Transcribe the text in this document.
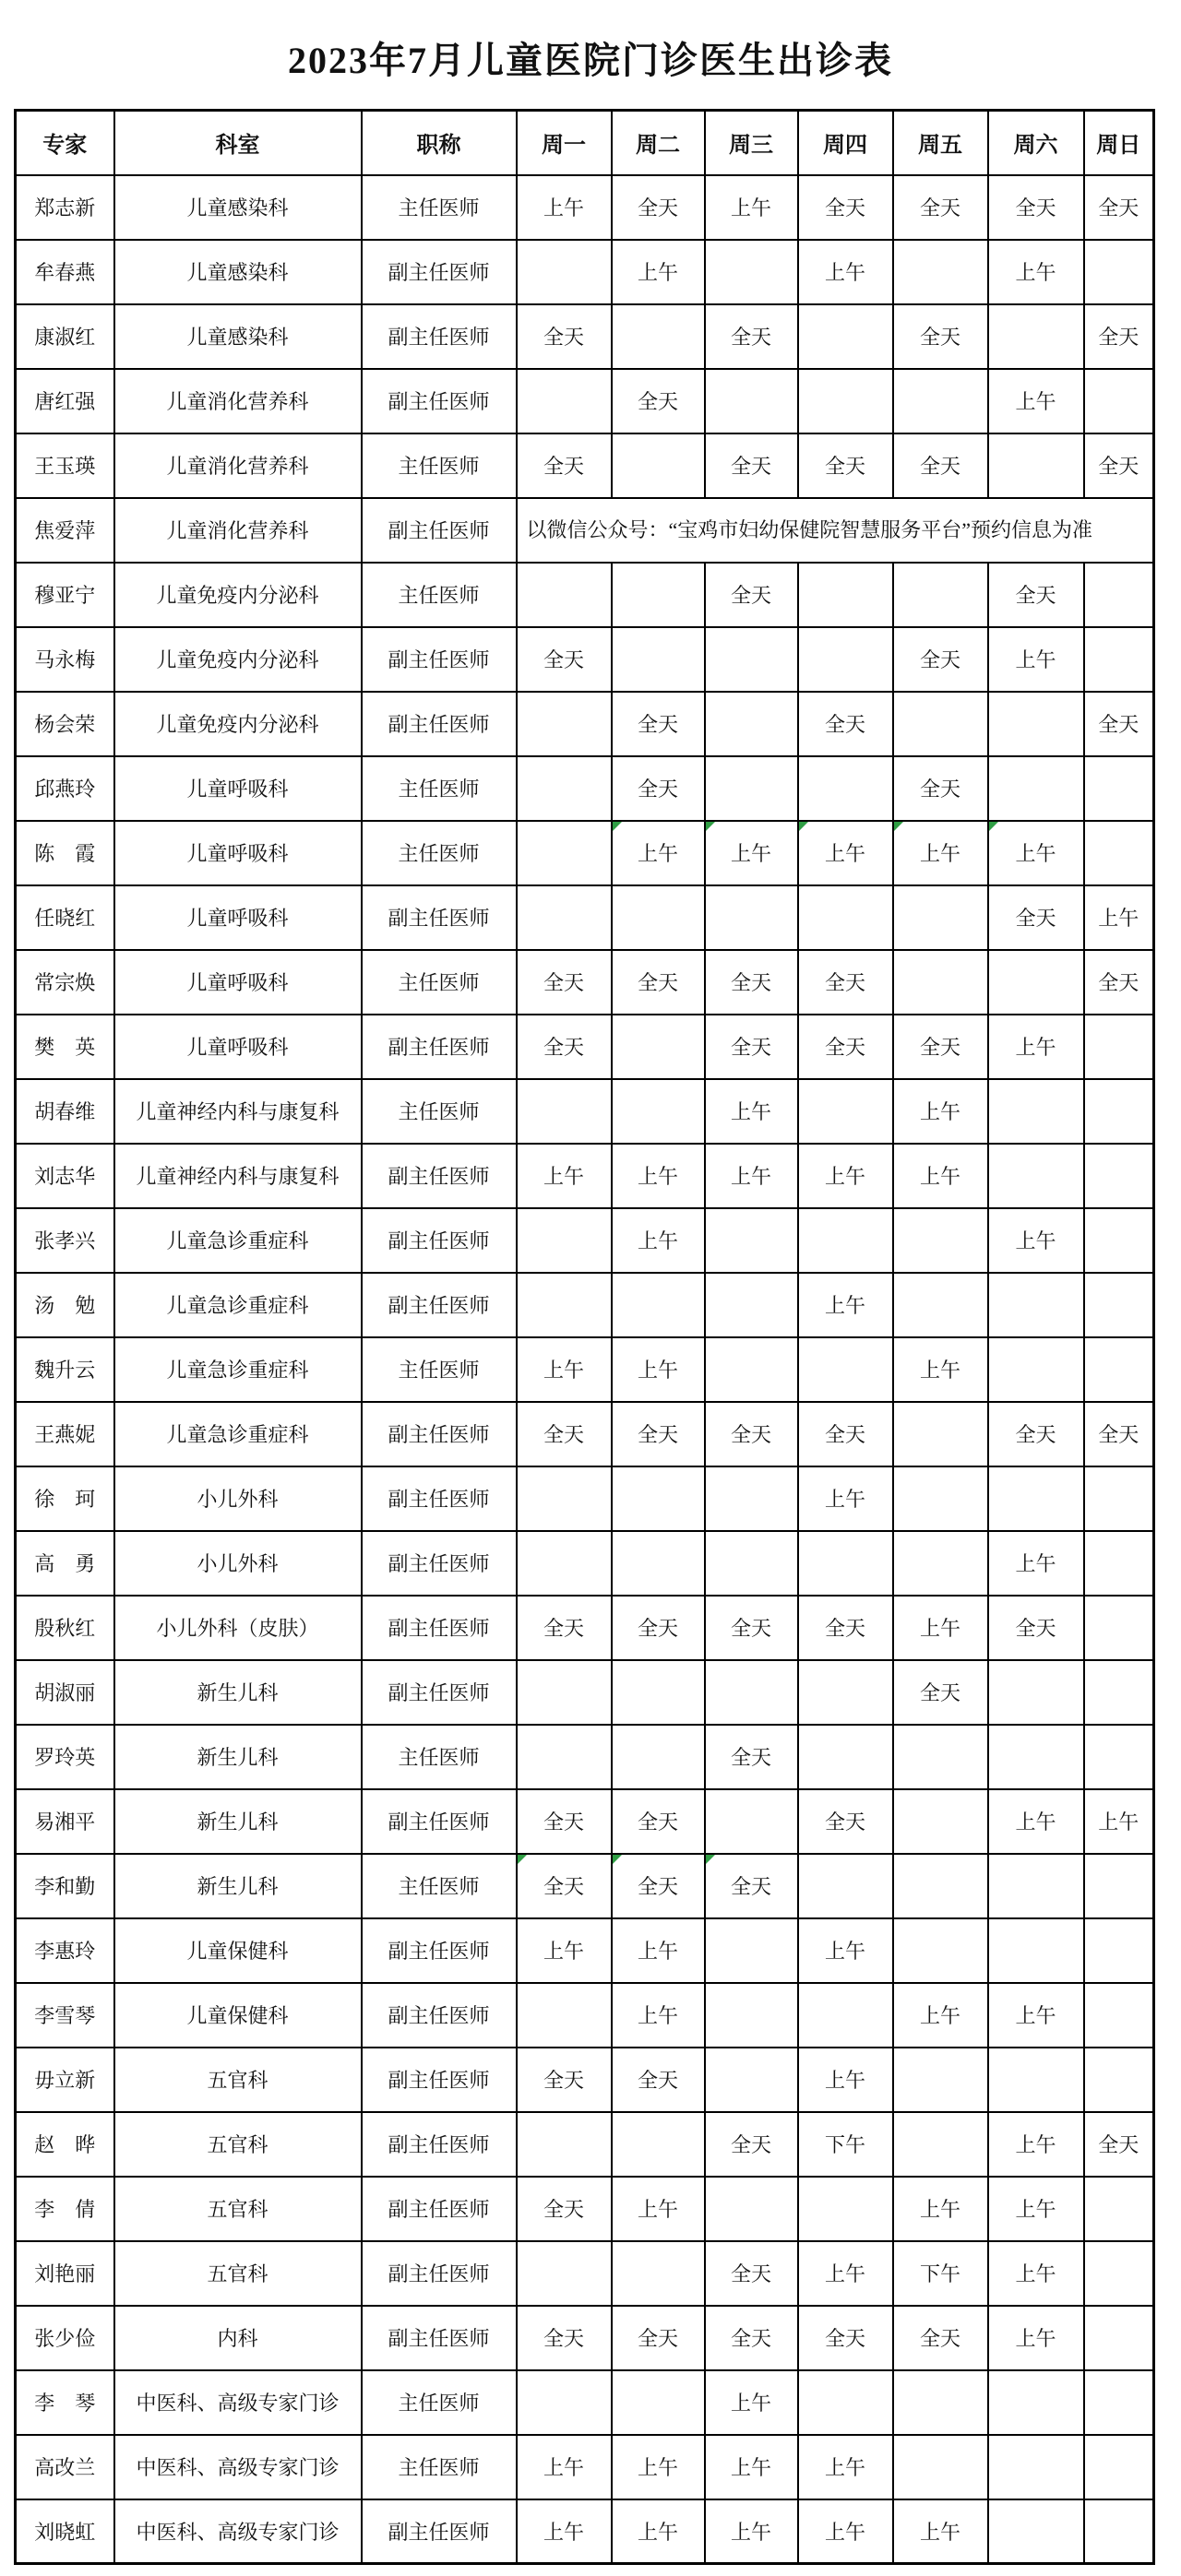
2023年7月儿童医院门诊医生出诊表
专家	科室	职称	周一	周二	周三	周四	周五	周六	周日
郑志新	儿童感染科	主任医师	上午	全天	上午	全天	全天	全天	全天
牟春燕	儿童感染科	副主任医师		上午		上午		上午	
康淑红	儿童感染科	副主任医师	全天		全天		全天		全天
唐红强	儿童消化营养科	副主任医师		全天				上午	
王玉瑛	儿童消化营养科	主任医师	全天		全天	全天	全天		全天
焦爱萍	儿童消化营养科	副主任医师	以微信公众号：“宝鸡市妇幼保健院智慧服务平台”预约信息为准						
穆亚宁	儿童免疫内分泌科	主任医师			全天			全天	
马永梅	儿童免疫内分泌科	副主任医师	全天				全天	上午	
杨会荣	儿童免疫内分泌科	副主任医师		全天		全天			全天
邱燕玲	儿童呼吸科	主任医师		全天			全天		
陈　霞	儿童呼吸科	主任医师		上午	上午	上午	上午	上午	
任晓红	儿童呼吸科	副主任医师						全天	上午
常宗焕	儿童呼吸科	主任医师	全天	全天	全天	全天			全天
樊　英	儿童呼吸科	副主任医师	全天		全天	全天	全天	上午	
胡春维	儿童神经内科与康复科	主任医师			上午		上午		
刘志华	儿童神经内科与康复科	副主任医师	上午	上午	上午	上午	上午		
张孝兴	儿童急诊重症科	副主任医师		上午				上午	
汤　勉	儿童急诊重症科	副主任医师				上午			
魏升云	儿童急诊重症科	主任医师	上午	上午			上午		
王燕妮	儿童急诊重症科	副主任医师	全天	全天	全天	全天		全天	全天
徐　珂	小儿外科	副主任医师				上午			
高　勇	小儿外科	副主任医师						上午	
殷秋红	小儿外科（皮肤）	副主任医师	全天	全天	全天	全天	上午	全天	
胡淑丽	新生儿科	副主任医师					全天		
罗玲英	新生儿科	主任医师			全天				
易湘平	新生儿科	副主任医师	全天	全天		全天		上午	上午
李和勤	新生儿科	主任医师	全天	全天	全天				
李惠玲	儿童保健科	副主任医师	上午	上午		上午			
李雪琴	儿童保健科	副主任医师		上午			上午	上午	
毋立新	五官科	副主任医师	全天	全天		上午			
赵　晔	五官科	副主任医师			全天	下午		上午	全天
李　倩	五官科	副主任医师	全天	上午			上午	上午	
刘艳丽	五官科	副主任医师			全天	上午	下午	上午	
张少俭	内科	副主任医师	全天	全天	全天	全天	全天	上午	
李　琴	中医科、高级专家门诊	主任医师			上午				
高改兰	中医科、高级专家门诊	主任医师	上午	上午	上午	上午			
刘晓虹	中医科、高级专家门诊	副主任医师	上午	上午	上午	上午	上午		
